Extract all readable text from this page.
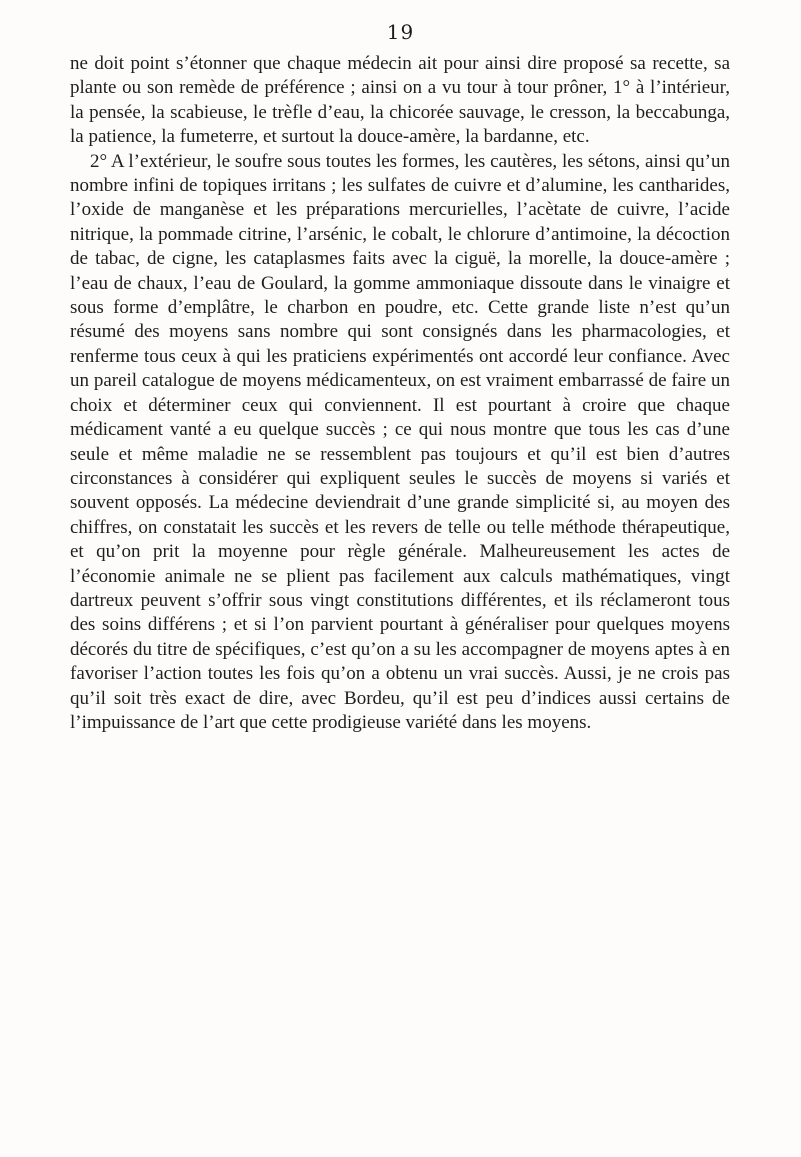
19

ne doit point s’étonner que chaque médecin ait pour ainsi dire proposé sa recette, sa plante ou son remède de préférence ; ainsi on a vu tour à tour prôner, 1° à l’intérieur, la pensée, la scabieuse, le trèfle d’eau, la chicorée sauvage, le cresson, la beccabunga, la patience, la fumeterre, et surtout la douce-amère, la bardanne, etc.

2° A l’extérieur, le soufre sous toutes les formes, les cautères, les sétons, ainsi qu’un nombre infini de topiques irritans ; les sulfates de cuivre et d’alumine, les cantharides, l’oxide de manganèse et les préparations mercurielles, l’acètate de cuivre, l’acide nitrique, la pommade citrine, l’arsénic, le cobalt, le chlorure d’antimoine, la décoction de tabac, de cigne, les cataplasmes faits avec la ciguë, la morelle, la douce-amère ; l’eau de chaux, l’eau de Goulard, la gomme ammoniaque dissoute dans le vinaigre et sous forme d’emplâtre, le charbon en poudre, etc. Cette grande liste n’est qu’un résumé des moyens sans nombre qui sont consignés dans les pharmacologies, et renferme tous ceux à qui les praticiens expérimentés ont accordé leur confiance. Avec un pareil catalogue de moyens médicamenteux, on est vraiment embarrassé de faire un choix et déterminer ceux qui conviennent. Il est pourtant à croire que chaque médicament vanté a eu quelque succès ; ce qui nous montre que tous les cas d’une seule et même maladie ne se ressemblent pas toujours et qu’il est bien d’autres circonstances à considérer qui expliquent seules le succès de moyens si variés et souvent opposés. La médecine deviendrait d’une grande simplicité si, au moyen des chiffres, on constatait les succès et les revers de telle ou telle méthode thérapeutique, et qu’on prit la moyenne pour règle générale. Malheureusement les actes de l’économie animale ne se plient pas facilement aux calculs mathématiques, vingt dartreux peuvent s’offrir sous vingt constitutions différentes, et ils réclameront tous des soins différens ; et si l’on parvient pourtant à généraliser pour quelques moyens décorés du titre de spécifiques, c’est qu’on a su les accompagner de moyens aptes à en favoriser l’action toutes les fois qu’on a obtenu un vrai succès. Aussi, je ne crois pas qu’il soit très exact de dire, avec Bordeu, qu’il est peu d’indices aussi certains de l’impuissance de l’art que cette prodigieuse variété dans les moyens.
